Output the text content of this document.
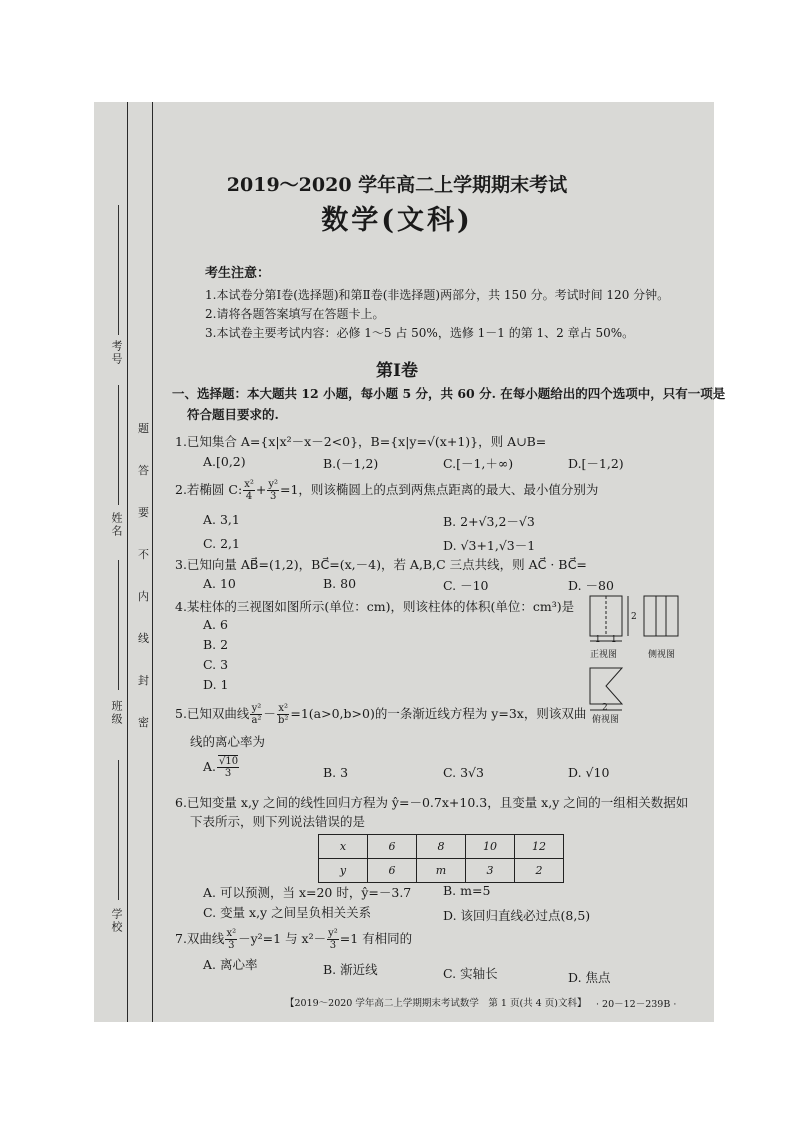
考号
姓名
班级
学校
题
答
要
不
内
线
封
密
2019～2020 学年高二上学期期末考试
数学(文科)
考生注意：
1.本试卷分第Ⅰ卷(选择题)和第Ⅱ卷(非选择题)两部分，共 150 分。考试时间 120 分钟。
2.请将各题答案填写在答题卡上。
3.本试卷主要考试内容：必修 1～5 占 50%，选修 1－1 的第 1、2 章占 50%。
第Ⅰ卷
一、选择题：本大题共 12 小题，每小题 5 分，共 60 分. 在每小题给出的四个选项中，只有一项是
符合题目要求的.
1.已知集合 A={x|x²－x－2<0}，B={x|y=√(x+1)}，则 A∪B=
A.[0,2)	B.(－1,2)	C.[－1,＋∞)	D.[－1,2)
2.若椭圆 C: $\frac{\text{x²}}{4} + \frac{\text{y²}}{3} =1$，则该椭圆上的点到两焦点距离的最大、最小值分别为
A. 3,1	B. 2+√3,2－√3
C. 2,1	D. √3+1,√3－1
3.已知向量 AB⃗=(1,2)，BC⃗=(x,－4)，若 A,B,C 三点共线，则 AC⃗ · BC⃗=
A. 10	B. 80	C. －10	D. －80
4.某柱体的三视图如图所示(单位：cm)，则该柱体的体积(单位：cm³)是
A. 6
B. 2
C. 3
D. 1
1 1
2
2
正视图	侧视图
俯视图
5.已知双曲线 $\frac{\text{y²}}{\text{a²}} - \frac{\text{x²}}{\text{b²}} =1(a>0,b>0)$的一条渐近线方程为 y=3x，则该双曲
线的离心率为
A. $\frac{√10}{3}$	B. 3	C. 3√3	D. √10
6.已知变量 x,y 之间的线性回归方程为 ŷ=－0.7x+10.3，且变量 x,y 之间的一组相关数据如
下表所示，则下列说法错误的是
x	6	8	10	12
y	6	m	3	2
A. 可以预测，当 x=20 时，ŷ=－3.7	B. m=5
C. 变量 x,y 之间呈负相关关系	D. 该回归直线必过点(8,5)
7.双曲线 $\frac{\text{x²}}{3} -y^2=1$ 与 $x^2- \frac{\text{y²}}{3} =1$ 有相同的
A. 离心率	B. 渐近线	C. 实轴长	D. 焦点
【2019～2020 学年高二上学期期末考试数学　第 1 页(共 4 页)文科】 · 20－12－239B ·
